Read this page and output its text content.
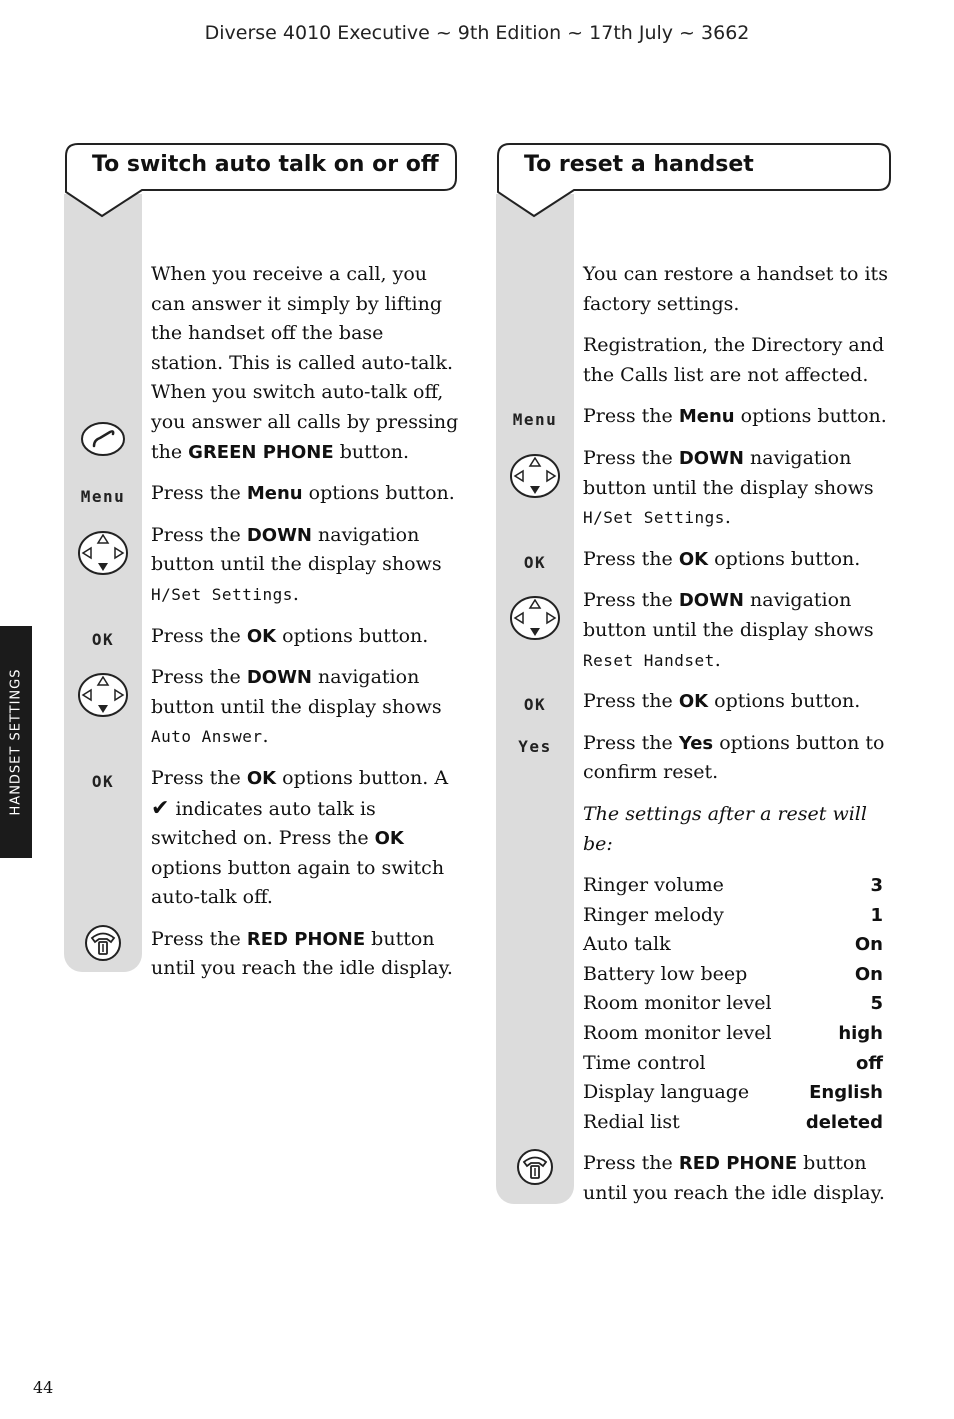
Diverse 4010 Executive ~ 9th Edition ~ 17th July ~ 3662
HANDSET SETTINGS
To switch auto talk on or off
When you receive a call, you can answer it simply by lifting the handset off the base station. This is called auto-talk. When you switch auto-talk off, you answer all calls by pressing the GREEN PHONE button.
Menu	Press the Menu options button.
Press the DOWN navigation button until the display shows
H/Set Settings.
OK	Press the OK options button.
Press the DOWN navigation button until the display shows
Auto Answer.
OK	Press the OK options button. A ✔ indicates auto talk is switched on. Press the OK options button again to switch auto-talk off.
Press the RED PHONE button until you reach the idle display.
To reset a handset
You can restore a handset to its factory settings.
Registration, the Directory and the Calls list are not affected.
Menu	Press the Menu options button.
Press the DOWN navigation button until the display shows
H/Set Settings.
OK	Press the OK options button.
Press the DOWN navigation button until the display shows
Reset Handset.
OK	Press the OK options button.
Yes	Press the Yes options button to confirm reset.
The settings after a reset will be:
Ringer volume	3
Ringer melody	1
Auto talk	On
Battery low beep	On
Room monitor level	5
Room monitor level	high
Time control	off
Display language	English
Redial list	deleted
Press the RED PHONE button until you reach the idle display.
44
